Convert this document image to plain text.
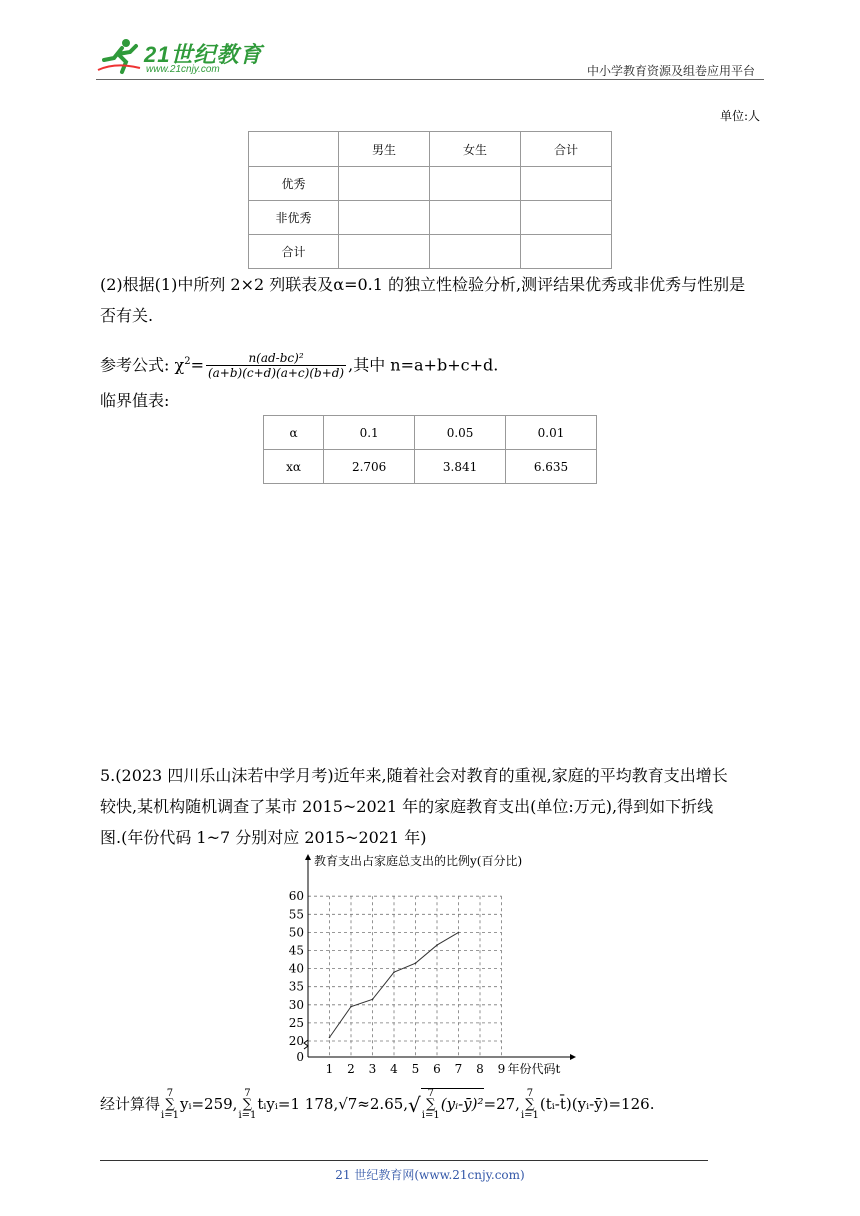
21世纪教育
www.21cnjy.com	中小学教育资源及组卷应用平台
单位:人
	男生	女生	合计
优秀			
非优秀			
合计			

(2)根据(1)中所列 2×2 列联表及α=0.1 的独立性检验分析,测评结果优秀或非优秀与性别是

否有关.

参考公式: $\chi^2= \frac{\text{n(ad-bc)²}}{(a+b)(c+d)(a+c)(b+d)}$ ,其中 n=a+b+c+d.
临界值表:
α	0.1	0.05	0.01
xα	2.706	3.841	6.635

5.(2023 四川乐山沫若中学月考)近年来,随着社会对教育的重视,家庭的平均教育支出增长

较快,某机构随机调查了某市 2015~2021 年的家庭教育支出(单位:万元),得到如下折线

图.(年份代码 1~7 分别对应 2015~2021 年)

0
20
25
30
35
40
45
50
55
60
1 2 3 4 5 6 7 8 9
教育支出占家庭总支出的比例y(百分比)
年份代码t
经计算得7
∑
i=1yᵢ=259,7
∑
i=1tᵢyᵢ=1 178,√7≈2.65,√ 7
∑
i=1(yᵢ-ȳ)²=27,7
∑
i=1(tᵢ-t̄)(yᵢ-ȳ)=126.
21 世纪教育网(www.21cnjy.com)
